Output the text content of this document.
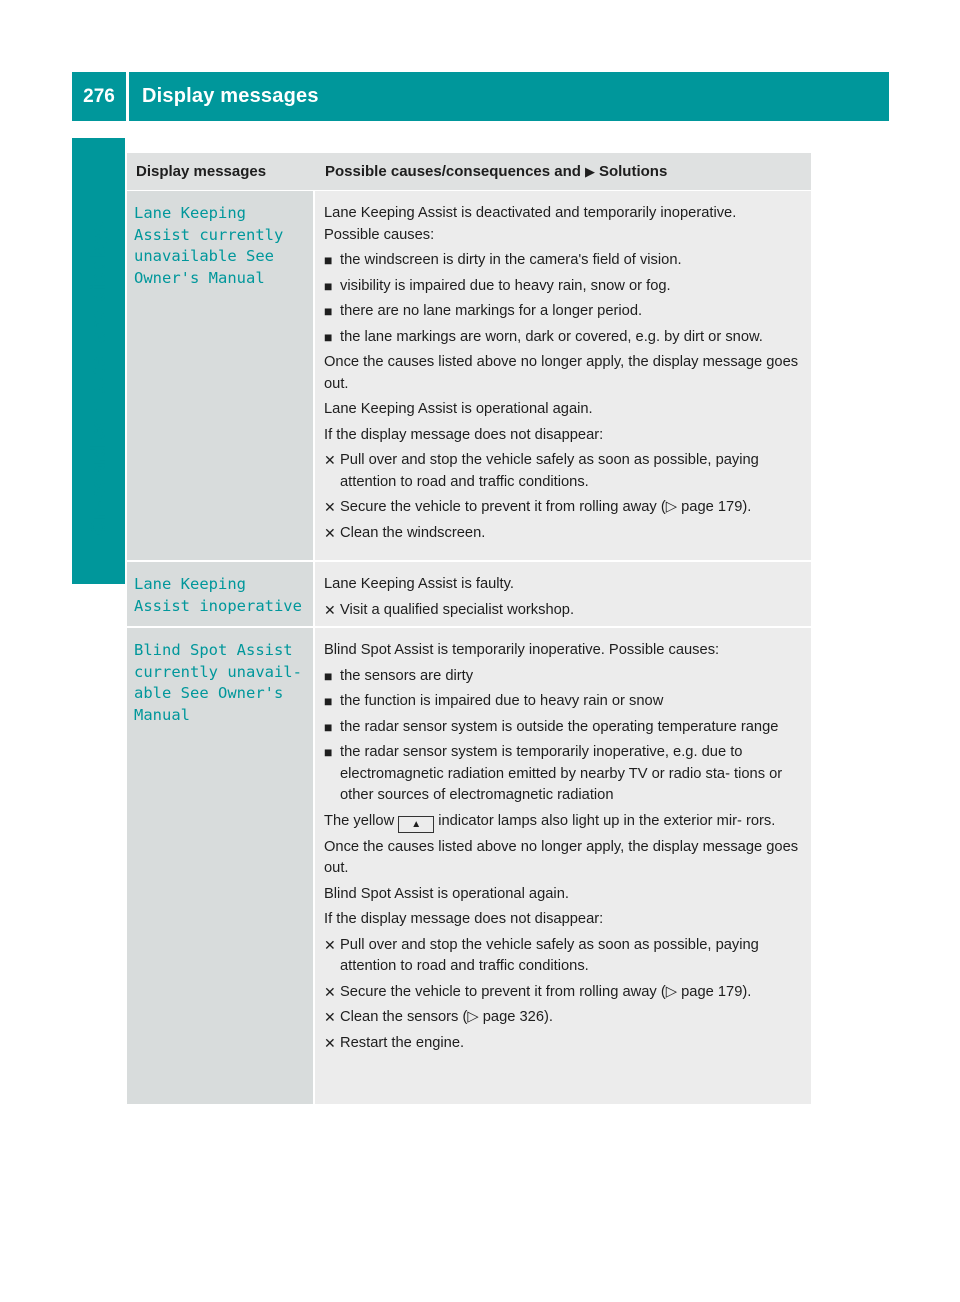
276	Display messages
On-board computer and displays
Display messages	Possible causes/consequences and ▶ Solutions
Lane Keeping
Assist currently
unavailable See
Owner's Manual

Lane Keeping Assist is deactivated and temporarily inoperative.

Possible causes:

■ the windscreen is dirty in the camera's field of vision.
■ visibility is impaired due to heavy rain, snow or fog.
■ there are no lane markings for a longer period.
■ the lane markings are worn, dark or covered, e.g. by dirt or snow.

Once the causes listed above no longer apply, the display message goes out.

Lane Keeping Assist is operational again.

If the display message does not disappear:

✕ Pull over and stop the vehicle safely as soon as possible, paying attention to road and traffic conditions.
✕ Secure the vehicle to prevent it from rolling away (▷ page 179).
✕ Clean the windscreen.
Lane Keeping
Assist inoperative

Lane Keeping Assist is faulty.

✕ Visit a qualified specialist workshop.
Blind Spot Assist
currently unavail‐
able See Owner's
Manual

Blind Spot Assist is temporarily inoperative. Possible causes:

■ the sensors are dirty
■ the function is impaired due to heavy rain or snow
■ the radar sensor system is outside the operating temperature range
■ the radar sensor system is temporarily inoperative, e.g. due to electromagnetic radiation emitted by nearby TV or radio sta‐ tions or other sources of electromagnetic radiation

The yellow ▲ indicator lamps also light up in the exterior mir‐ rors.

Once the causes listed above no longer apply, the display message goes out.

Blind Spot Assist is operational again.

If the display message does not disappear:

✕ Pull over and stop the vehicle safely as soon as possible, paying attention to road and traffic conditions.
✕ Secure the vehicle to prevent it from rolling away (▷ page 179).
✕ Clean the sensors (▷ page 326).
✕ Restart the engine.
